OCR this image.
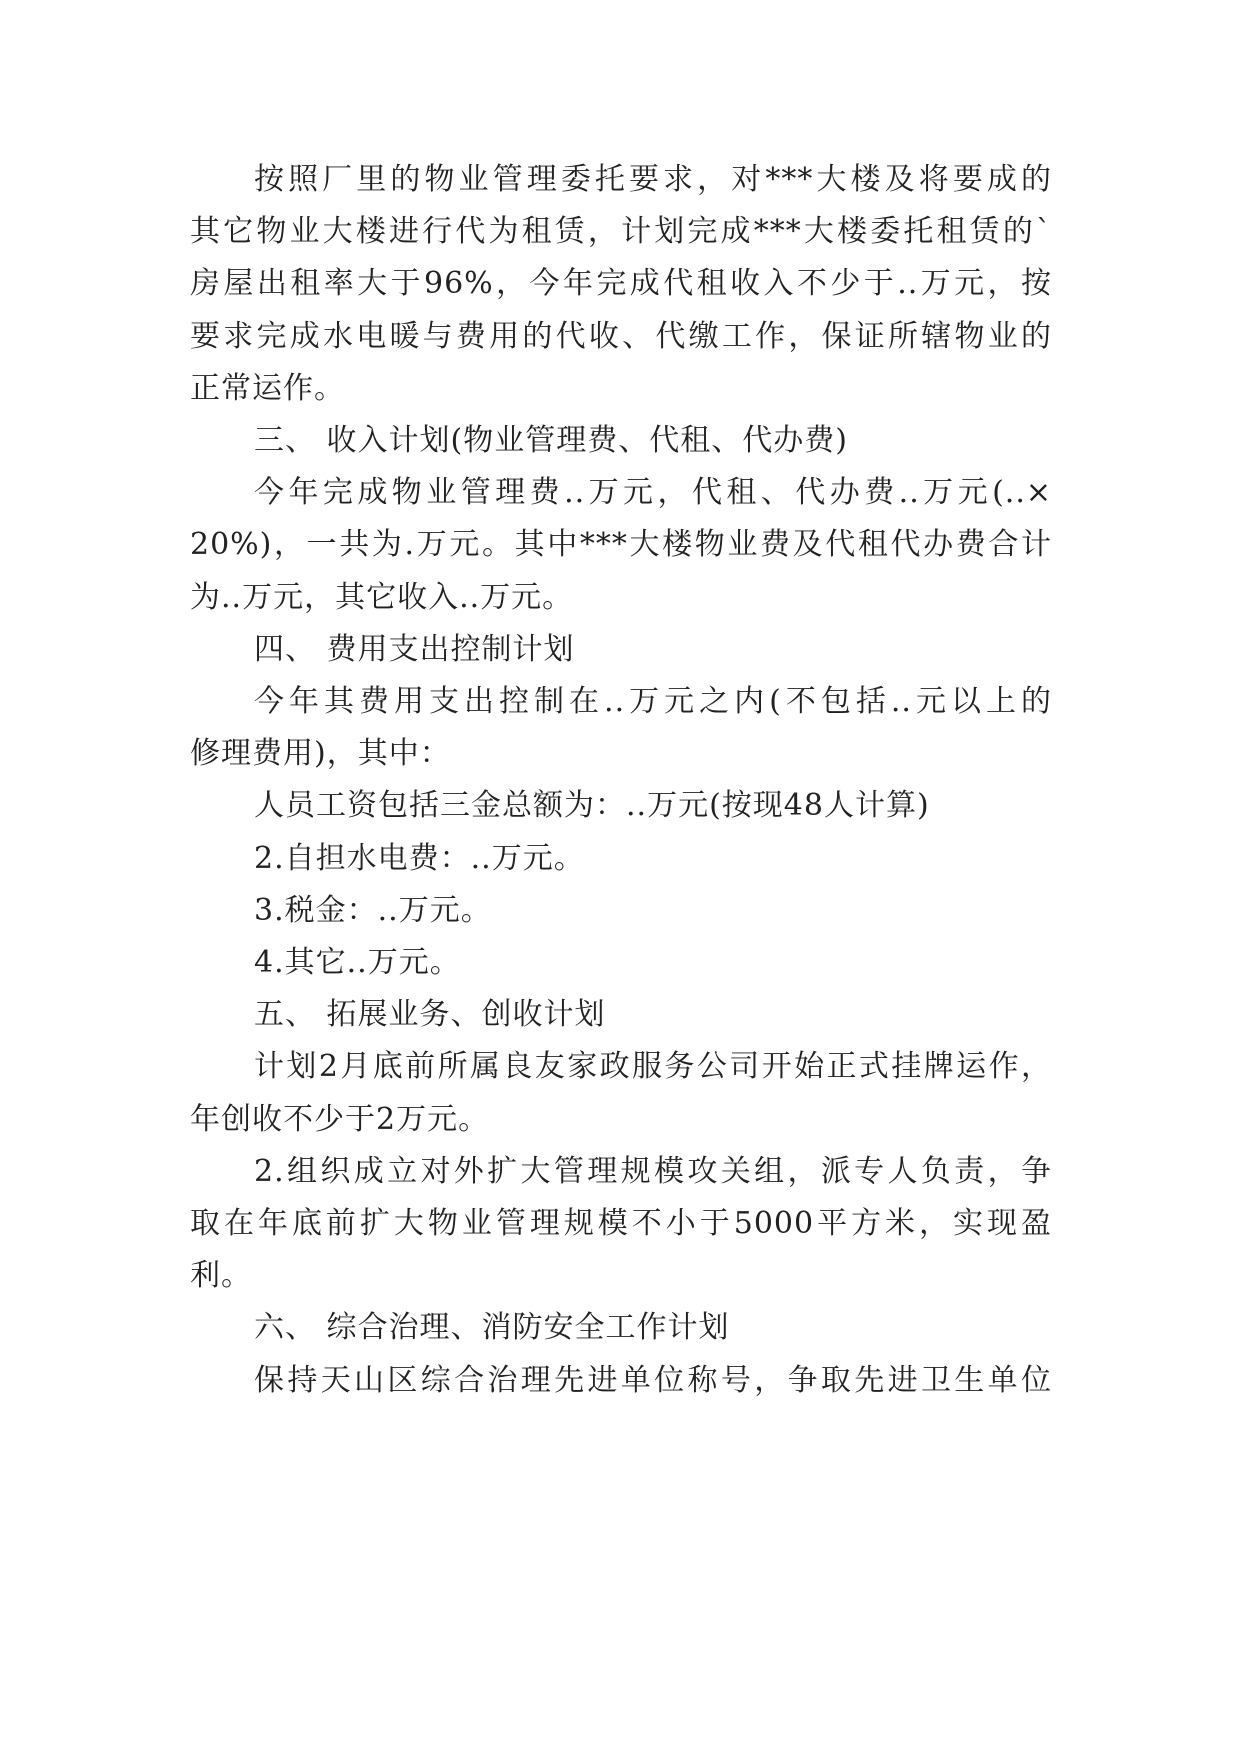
按照厂里的物业管理委托要求，对***大楼及将要成的
其它物业大楼进行代为租赁，计划完成***大楼委托租赁的`
房屋出租率大于96%，今年完成代租收入不少于..万元，按
要求完成水电暖与费用的代收、代缴工作，保证所辖物业的
正常运作。
三、 收入计划(物业管理费、代租、代办费)
今年完成物业管理费..万元，代租、代办费..万元(..×
20%)，一共为.万元。其中***大楼物业费及代租代办费合计
为..万元，其它收入..万元。
四、 费用支出控制计划
今年其费用支出控制在..万元之内(不包括..元以上的
修理费用)，其中：
人员工资包括三金总额为：..万元(按现48人计算)
2.自担水电费：..万元。
3.税金：..万元。
4.其它..万元。
五、 拓展业务、创收计划
计划2月底前所属良友家政服务公司开始正式挂牌运作，
年创收不少于2万元。
2.组织成立对外扩大管理规模攻关组，派专人负责，争
取在年底前扩大物业管理规模不小于5000平方米，实现盈
利。
六、 综合治理、消防安全工作计划
保持天山区综合治理先进单位称号，争取先进卫生单位
